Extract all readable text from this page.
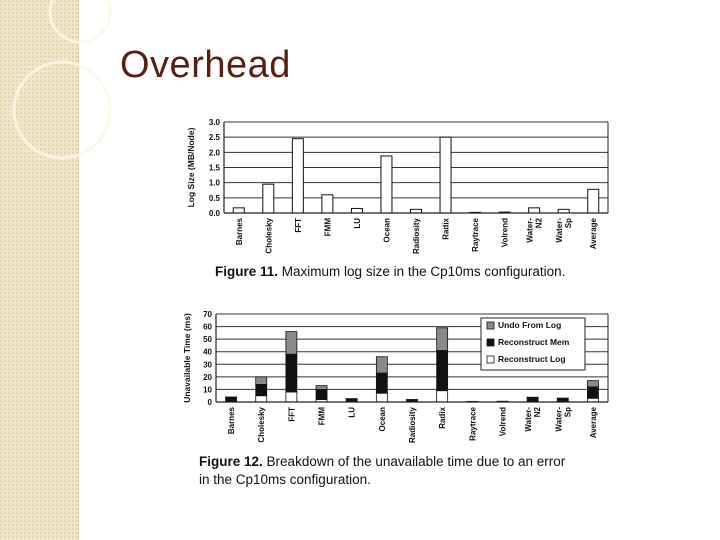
Overhead
0.0
0.5
1.0
1.5
2.0
2.5
3.0
Log Size (MB/Node)
Barnes	Cholesky	FFT	FMM	LU	Ocean	Radiosity	Radix	Raytrace	Volrend Water- N2 Water- Sp Average
Figure 11. Maximum log size in the Cp10ms configuration.
0
10
20
30
40
50
60
70
Unavailable Time (ms)
Barnes	Cholesky	FFT	FMM	LU	Ocean	Radiosity	Radix	Raytrace	Volrend Water- N2 Water- Sp Average
Undo From Log
Reconstruct Mem
Reconstruct Log
Figure 12. Breakdown of the unavailable time due to an error
in the Cp10ms configuration.
